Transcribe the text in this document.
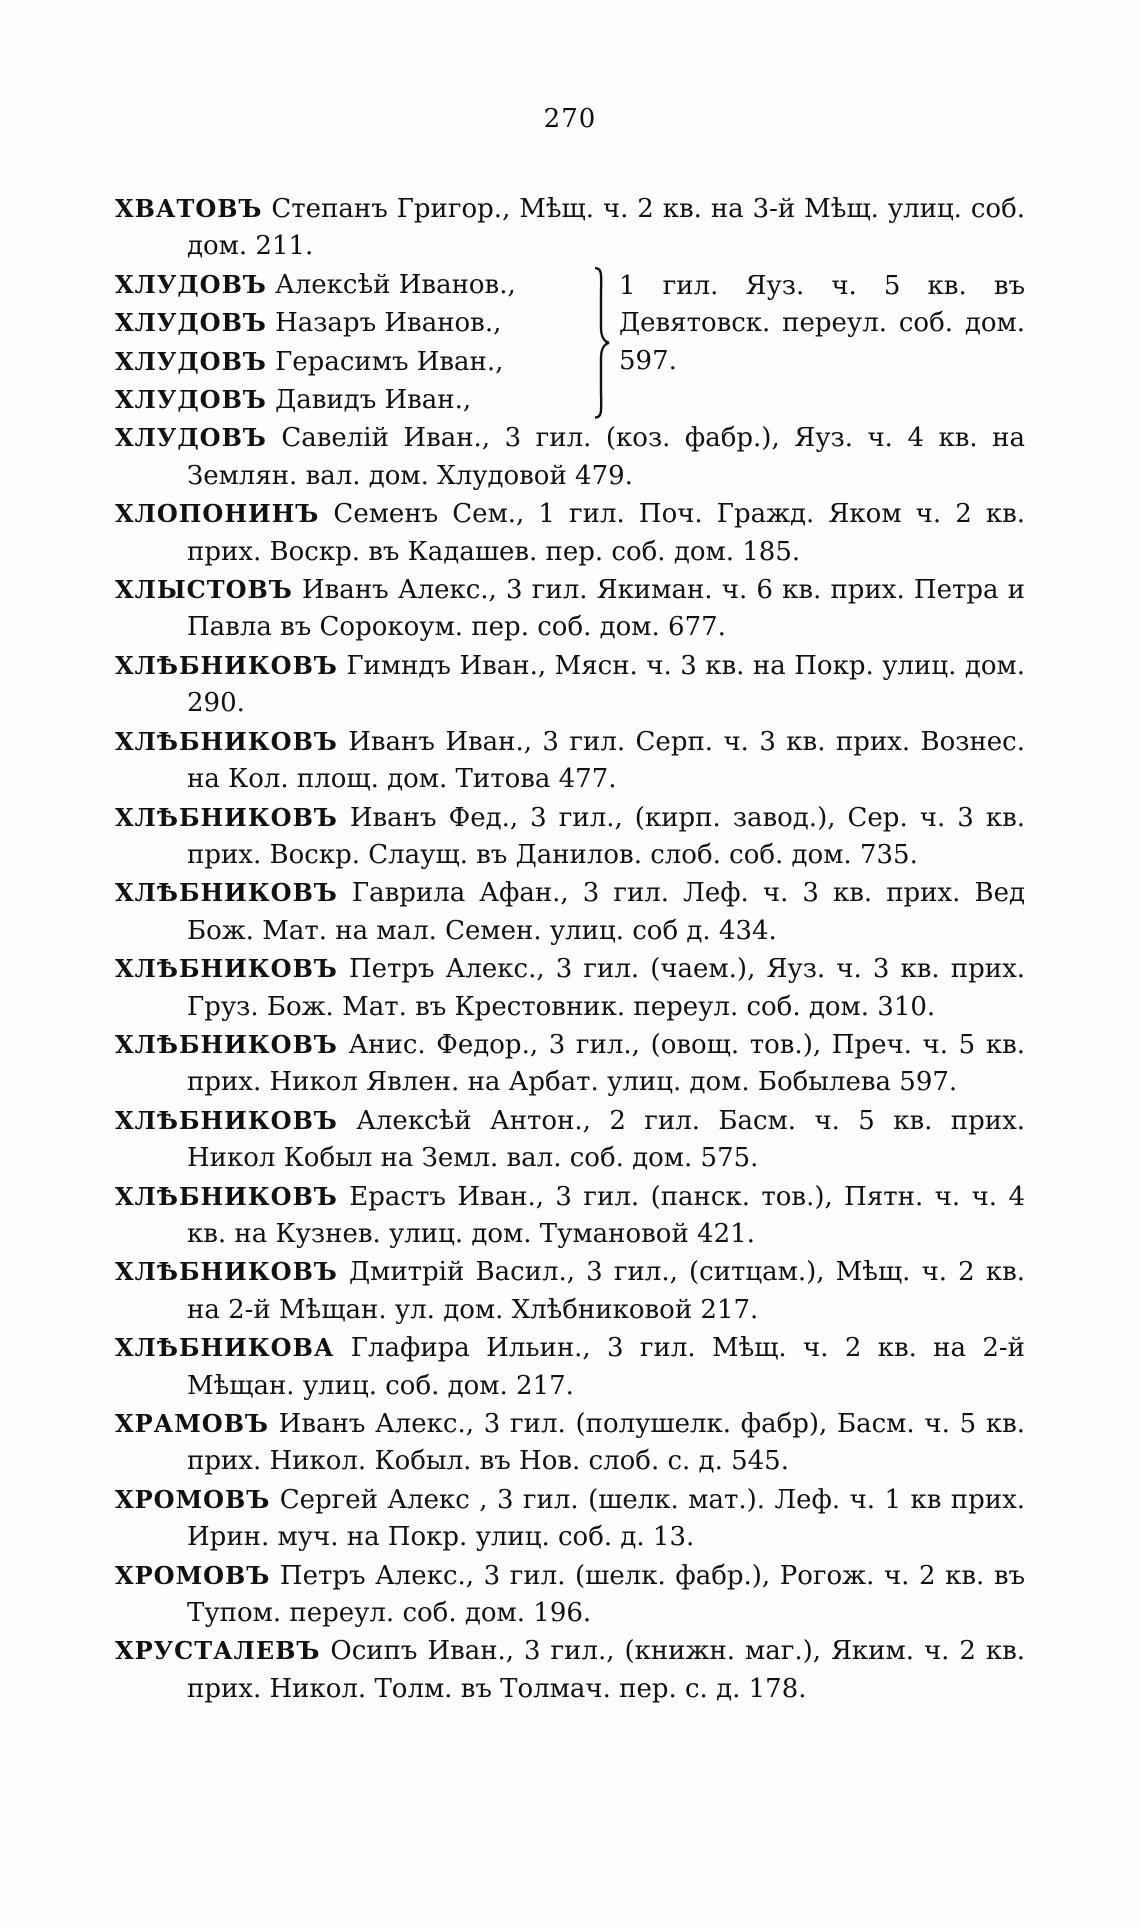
270

ХВАТОВЪ Степанъ Григор., Мѣщ. ч. 2 кв. на 3-й Мѣщ. улиц. соб. дом. 211.

ХЛУДОВЪ Алексѣй Иванов.,
ХЛУДОВЪ Назаръ Иванов.,
ХЛУДОВЪ Герасимъ Иван.,
ХЛУДОВЪ Давидъ Иван.,
1 гил. Яуз. ч. 5 кв. въ Девятовск. переул. соб. дом. 597.

ХЛУДОВЪ Савелій Иван., 3 гил. (коз. фабр.), Яуз. ч. 4 кв. на Землян. вал. дом. Хлудовой 479.

ХЛОПОНИНЪ Семенъ Сем., 1 гил. Поч. Гражд. Яком ч. 2 кв. прих. Воскр. въ Кадашев. пер. соб. дом. 185.

ХЛЫСТОВЪ Иванъ Алекс., 3 гил. Якиман. ч. 6 кв. прих. Петра и Павла въ Сорокоум. пер. соб. дом. 677.

ХЛѢБНИКОВЪ Гимндъ Иван., Мясн. ч. 3 кв. на Покр. улиц. дом. 290.

ХЛѢБНИКОВЪ Иванъ Иван., 3 гил. Серп. ч. 3 кв. прих. Вознес. на Кол. площ. дом. Титова 477.

ХЛѢБНИКОВЪ Иванъ Фед., 3 гил., (кирп. завод.), Сер. ч. 3 кв. прих. Воскр. Слаущ. въ Данилов. слоб. соб. дом. 735.

ХЛѢБНИКОВЪ Гаврила Афан., 3 гил. Леф. ч. 3 кв. прих. Вед Бож. Мат. на мал. Семен. улиц. соб д. 434.

ХЛѢБНИКОВЪ Петръ Алекс., 3 гил. (чаем.), Яуз. ч. 3 кв. прих. Груз. Бож. Мат. въ Крестовник. переул. соб. дом. 310.

ХЛѢБНИКОВЪ Анис. Федор., 3 гил., (овощ. тов.), Преч. ч. 5 кв. прих. Никол Явлен. на Арбат. улиц. дом. Бобылева 597.

ХЛѢБНИКОВЪ Алексѣй Антон., 2 гил. Басм. ч. 5 кв. прих. Никол Кобыл на Земл. вал. соб. дом. 575.

ХЛѢБНИКОВЪ Ерастъ Иван., 3 гил. (панск. тов.), Пятн. ч. ч. 4 кв. на Кузнев. улиц. дом. Тумановой 421.

ХЛѢБНИКОВЪ Дмитрій Васил., 3 гил., (ситцам.), Мѣщ. ч. 2 кв. на 2-й Мѣщан. ул. дом. Хлѣбниковой 217.

ХЛѢБНИКОВА Глафира Ильин., 3 гил. Мѣщ. ч. 2 кв. на 2-й Мѣщан. улиц. соб. дом. 217.

ХРАМОВЪ Иванъ Алекс., 3 гил. (полушелк. фабр), Басм. ч. 5 кв. прих. Никол. Кобыл. въ Нов. слоб. с. д. 545.

ХРОМОВЪ Сергей Алекс , 3 гил. (шелк. мат.). Леф. ч. 1 кв прих. Ирин. муч. на Покр. улиц. соб. д. 13.

ХРОМОВЪ Петръ Алекс., 3 гил. (шелк. фабр.), Рогож. ч. 2 кв. въ Тупом. переул. соб. дом. 196.

ХРУСТАЛЕВЪ Осипъ Иван., 3 гил., (книжн. маг.), Яким. ч. 2 кв. прих. Никол. Толм. въ Толмач. пер. с. д. 178.
